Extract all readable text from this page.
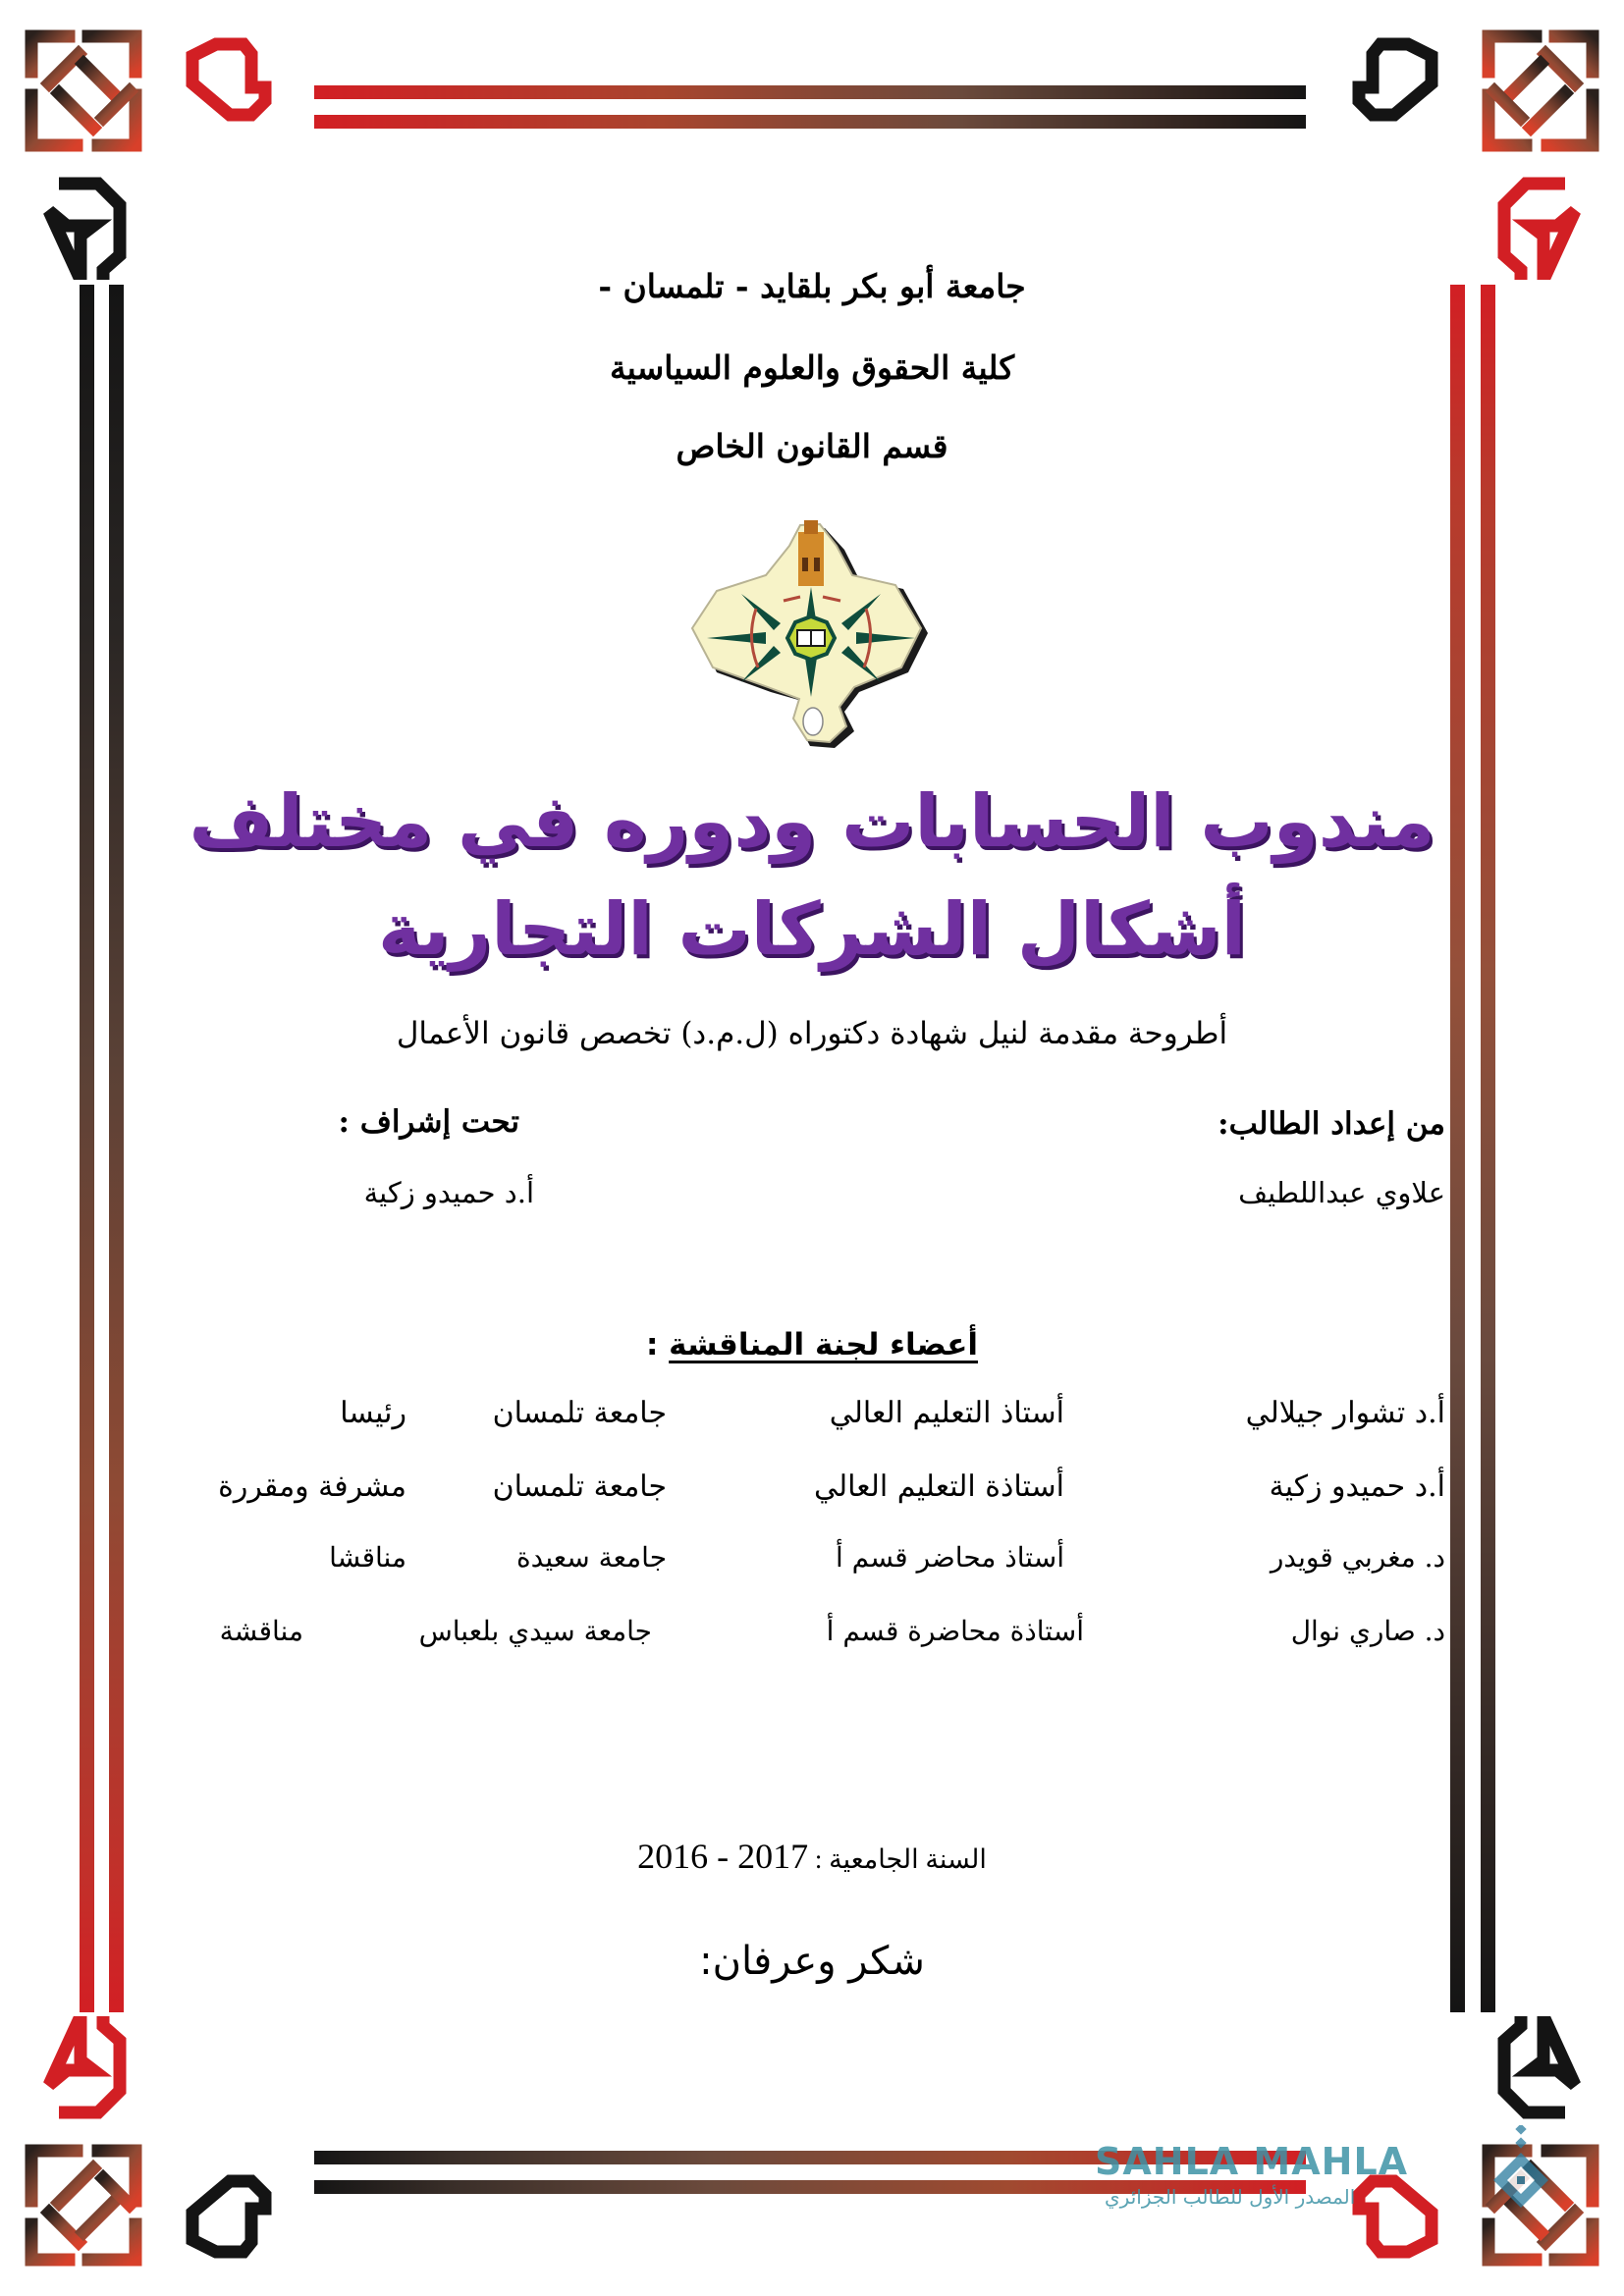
جامعة أبو بكر بلقايد - تلمسان -
كلية الحقوق والعلوم السياسية
قسم القانون الخاص
مندوب الحسابات ودوره في مختلف
أشكال الشركات التجارية
أطروحة مقدمة لنيل شهادة دكتوراه (ل.م.د) تخصص قانون الأعمال
من إعداد الطالب:
علاوي عبداللطيف
تحت إشراف :
أ.د حميدو زكية
أعضاء لجنة المناقشة :
أ.د تشوار جيلالي
أستاذ التعليم العالي
جامعة تلمسان
رئيسا
أ.د حميدو زكية
أستاذة التعليم العالي
جامعة تلمسان
مشرفة ومقررة
د. مغربي قويدر
أستاذ محاضر قسم أ
جامعة سعيدة
مناقشا
د. صاري نوال
أستاذة محاضرة قسم أ
جامعة سيدي بلعباس
مناقشة
السنة الجامعية : 2016 - 2017
شكر وعرفان:
SAHLA MAHLA
المصدر الأول للطالب الجزائري
